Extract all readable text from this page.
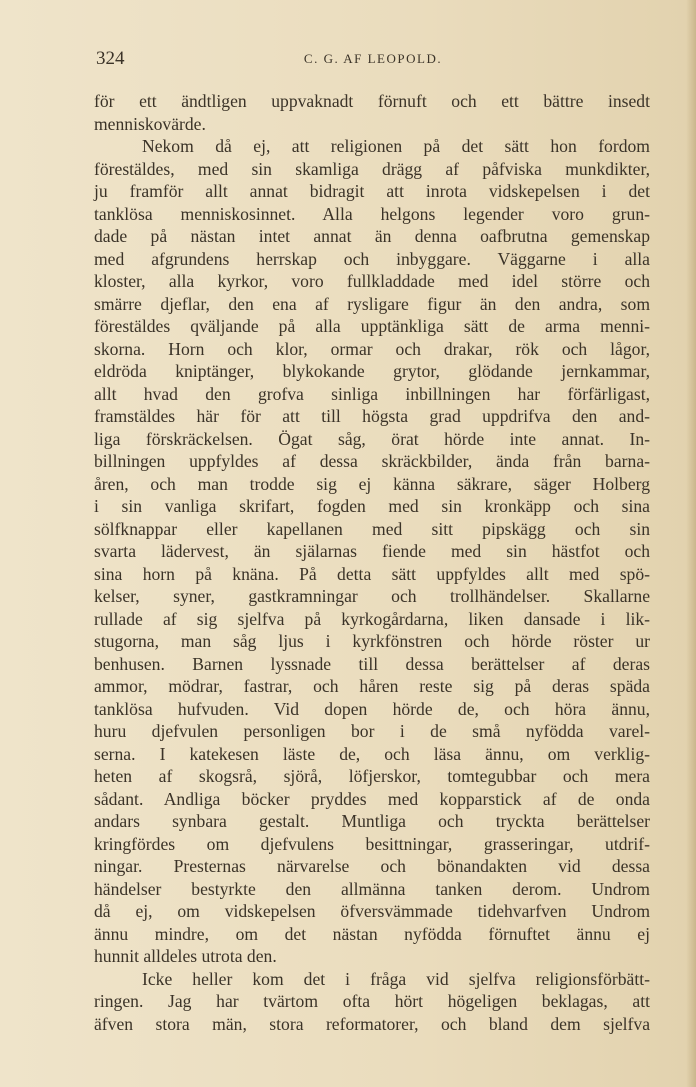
324	C. G. AF LEOPOLD.
för ett ändtligen uppvaknadt förnuft och ett bättre insedt
menniskovärde.
Nekom då ej, att religionen på det sätt hon fordom
förestäldes, med sin skamliga drägg af påfviska munkdikter,
ju framför allt annat bidragit att inrota vidskepelsen i det
tanklösa menniskosinnet. Alla helgons legender voro grun-
dade på nästan intet annat än denna oafbrutna gemenskap
med afgrundens herrskap och inbyggare. Väggarne i alla
kloster, alla kyrkor, voro fullkladdade med idel större och
smärre djeflar, den ena af rysligare figur än den andra, som
förestäldes qväljande på alla upptänkliga sätt de arma menni-
skorna. Horn och klor, ormar och drakar, rök och lågor,
eldröda kniptänger, blykokande grytor, glödande jernkammar,
allt hvad den grofva sinliga inbillningen har förfärligast,
framstäldes här för att till högsta grad uppdrifva den and-
liga förskräckelsen. Ögat såg, örat hörde inte annat. In-
billningen uppfyldes af dessa skräckbilder, ända från barna-
åren, och man trodde sig ej känna säkrare, säger Holberg
i sin vanliga skrifart, fogden med sin kronkäpp och sina
sölfknappar eller kapellanen med sitt pipskägg och sin
svarta lädervest, än själarnas fiende med sin hästfot och
sina horn på knäna. På detta sätt uppfyldes allt med spö-
kelser, syner, gastkramningar och trollhändelser. Skallarne
rullade af sig sjelfva på kyrkogårdarna, liken dansade i lik-
stugorna, man såg ljus i kyrkfönstren och hörde röster ur
benhusen. Barnen lyssnade till dessa berättelser af deras
ammor, mödrar, fastrar, och håren reste sig på deras späda
tanklösa hufvuden. Vid dopen hörde de, och höra ännu,
huru djefvulen personligen bor i de små nyfödda varel-
serna. I katekesen läste de, och läsa ännu, om verklig-
heten af skogsrå, sjörå, löfjerskor, tomtegubbar och mera
sådant. Andliga böcker pryddes med kopparstick af de onda
andars synbara gestalt. Muntliga och tryckta berättelser
kringfördes om djefvulens besittningar, grasseringar, utdrif-
ningar. Presternas närvarelse och bönandakten vid dessa
händelser bestyrkte den allmänna tanken derom. Undrom
då ej, om vidskepelsen öfversvämmade tidehvarfven Undrom
ännu mindre, om det nästan nyfödda förnuftet ännu ej
hunnit alldeles utrota den.
Icke heller kom det i fråga vid sjelfva religionsförbätt-
ringen. Jag har tvärtom ofta hört högeligen beklagas, att
äfven stora män, stora reformatorer, och bland dem sjelfva
